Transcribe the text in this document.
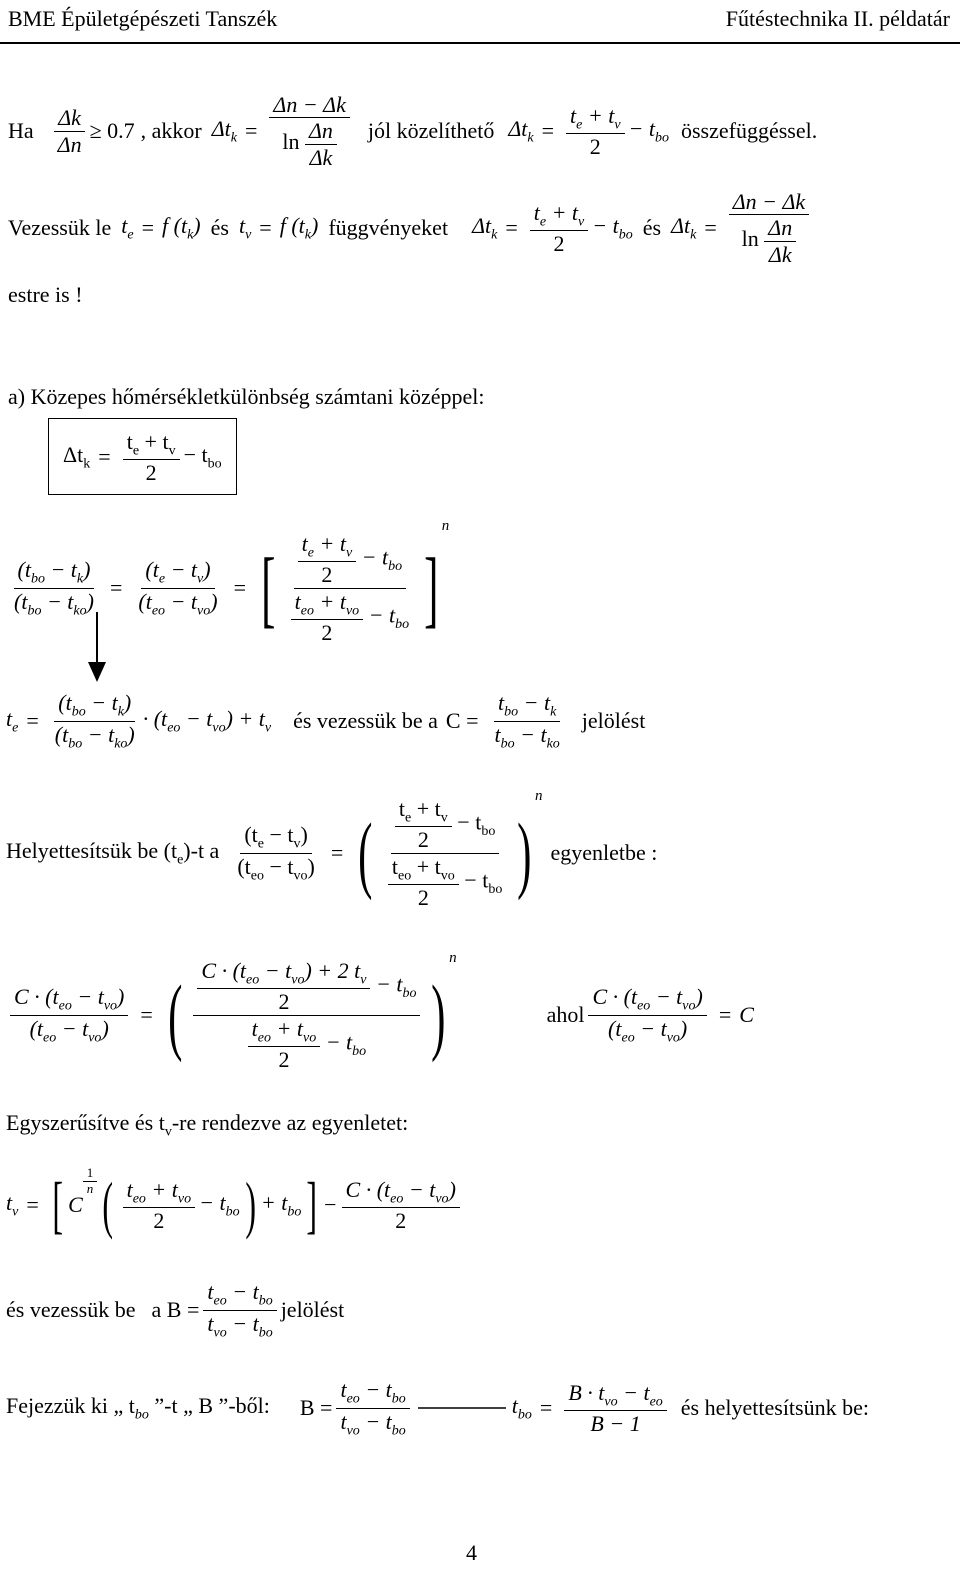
BME Épületgépészeti Tanszék	Fűtéstechnika II. példatár
Ha $\frac{\Delta k}{\Delta n} \ge 0.7$ , akkor $\Delta t_k = \frac{\Delta n - \Delta k}{\ln \frac{\Delta n}{\Delta k}}$ jól közelíthető $\Delta t_k = \frac{t_e + t_v}{2} - t_{bo}$ összefüggéssel.
Vezessük le $t_e = f$ $(t_k)$ és $t_v = f$ $(t_k)$ függvényeket $\Delta t_k = \frac{t_e + t_v}{2} - t_{bo}$ és $\Delta t_k = \frac{\Delta n - \Delta k}{\ln \frac{\Delta n}{\Delta k}}$
estre is !
a) Közepes hőmérsékletkülönbség számtani középpel:
$\Delta t_k = \frac{t_e + t_v}{2} - t_{bo}$
$\frac{(t_{bo} - t_k)}{(t_{bo} - t_{ko})} = \frac{(t_e - t_v)}{(t_{eo} - t_{vo})}$ = [ $\frac{\frac{t_e + t_v}{2} - t_{bo}}{\frac{t_{eo} + t_{vo}}{2} - t_{bo}}$ ]
n
$t_e = \frac{(t_{bo} - t_k)}{(t_{bo} - t_{ko})} \cdot (t_{eo} - t_{vo}) + t_v$ és vezessük be a $C = \frac{t_{bo} - t_k}{t_{bo} - t_{ko}}$ jelölést
Helyettesítsük be $(t_e)-t$ a $\frac{(t_e - t_v)}{(t_{eo} - t_{vo})}$ = ( $\frac{\frac{t_e + t_v}{2} - t_{bo}}{\frac{t_{eo} + t_{vo}}{2} - t_{bo}}$ )
n
egyenletbe :
$\frac{C \cdot (t_{eo} - t_{vo})}{(t_{eo} - t_{vo})}$ = ( $\frac{\frac{C \cdot (t_{eo} - t_{vo}) + 2 t_v}{2} - t_{bo}}{\frac{t_{eo} + t_{vo}}{2} - t_{bo}}$ )
n
ahol $\frac{C \cdot (t_{eo} - t_{vo})}{(t_{eo} - t_{vo})} = C$
Egyszerűsítve és $t_v-re$ rendezve az egyenletet:
$t_v$ = [ C
$\frac{1}{n}$ ( $\frac{t_{eo} + t_{vo}}{2} - t_{bo}$ ) + $t_{bo}$ ] − $\frac{C \cdot (t_{eo} - t_{vo})}{2}$
és vezessük be a $B = \frac{t_{eo} - t_{bo}}{t_{vo} - t_{bo}}$ jelölést
Fejezzük ki „ $t_{bo}$ ”-t „ B ”-ből: $B = \frac{t_{eo} - t_{bo}}{t_{vo} - t_{bo}}$	$t_{bo} = \frac{B \cdot t_{vo} - t_{eo}}{B - 1}$ és helyettesítsünk be:
4
